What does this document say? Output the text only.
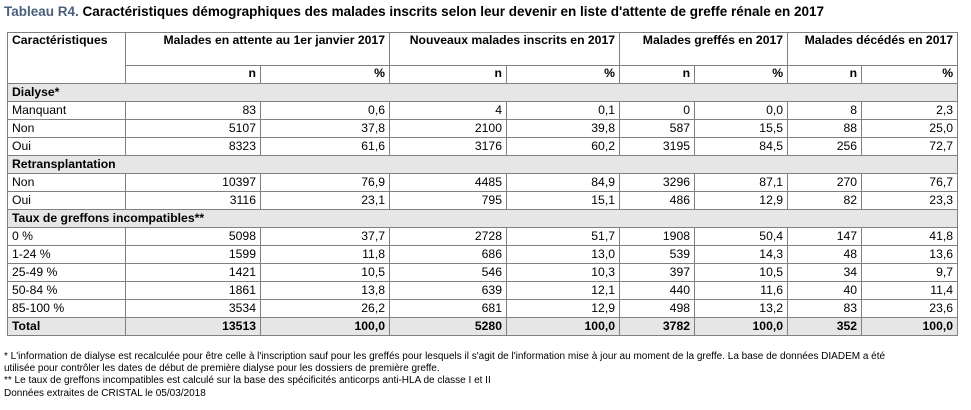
Tableau R4. Caractéristiques démographiques des malades inscrits selon leur devenir en liste d'attente de greffe rénale en 2017
Caractéristiques	Malades en attente au 1er janvier 2017		Nouveaux malades inscrits en 2017		Malades greffés en 2017		Malades décédés en 2017	
	n	%	n	%	n	%	n	%
Dialyse*								
Manquant	83	0,6	4	0,1	0	0,0	8	2,3
Non	5107	37,8	2100	39,8	587	15,5	88	25,0
Oui	8323	61,6	3176	60,2	3195	84,5	256	72,7
Retransplantation								
Non	10397	76,9	4485	84,9	3296	87,1	270	76,7
Oui	3116	23,1	795	15,1	486	12,9	82	23,3
Taux de greffons incompatibles**								
0 %	5098	37,7	2728	51,7	1908	50,4	147	41,8
1-24 %	1599	11,8	686	13,0	539	14,3	48	13,6
25-49 %	1421	10,5	546	10,3	397	10,5	34	9,7
50-84 %	1861	13,8	639	12,1	440	11,6	40	11,4
85-100 %	3534	26,2	681	12,9	498	13,2	83	23,6
Total	13513	100,0	5280	100,0	3782	100,0	352	100,0
* L'information de dialyse est recalculée pour être celle à l'inscription sauf pour les greffés pour lesquels il s'agit de l'information mise à jour au moment de la greffe. La base de données DIADEM a été
utilisée pour contrôler les dates de début de première dialyse pour les dossiers de première greffe.
** Le taux de greffons incompatibles est calculé sur la base des spécificités anticorps anti-HLA de classe I et II
Données extraites de CRISTAL le 05/03/2018
